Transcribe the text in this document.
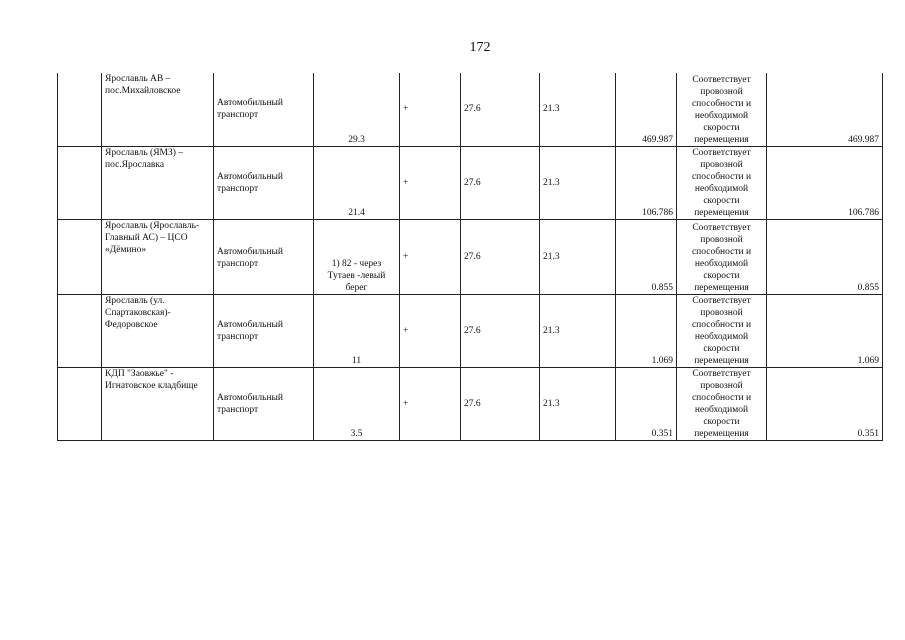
172
	Ярославль АВ – пос.Михайловское	Автомобильный транспорт	29.3	+	27.6	21.3	469.987	Соответствует провозной способности и необходимой скорости перемещения	469.987
	Ярославль (ЯМЗ) – пос.Ярославка	Автомобильный транспорт	21.4	+	27.6	21.3	106.786	Соответствует провозной способности и необходимой скорости перемещения	106.786
	Ярославль (Ярославль-Главный АС) – ЦСО «Дёмино»	Автомобильный транспорт	1) 82 - через Тутаев -левый берег	+	27.6	21.3	0.855	Соответствует провозной способности и необходимой скорости перемещения	0.855
	Ярославль (ул. Спартаковская)-Федоровское	Автомобильный транспорт	11	+	27.6	21.3	1.069	Соответствует провозной способности и необходимой скорости перемещения	1.069
	КДП "Заовжье" - Игнатовское кладбище	Автомобильный транспорт	3.5	+	27.6	21.3	0.351	Соответствует провозной способности и необходимой скорости перемещения	0.351
